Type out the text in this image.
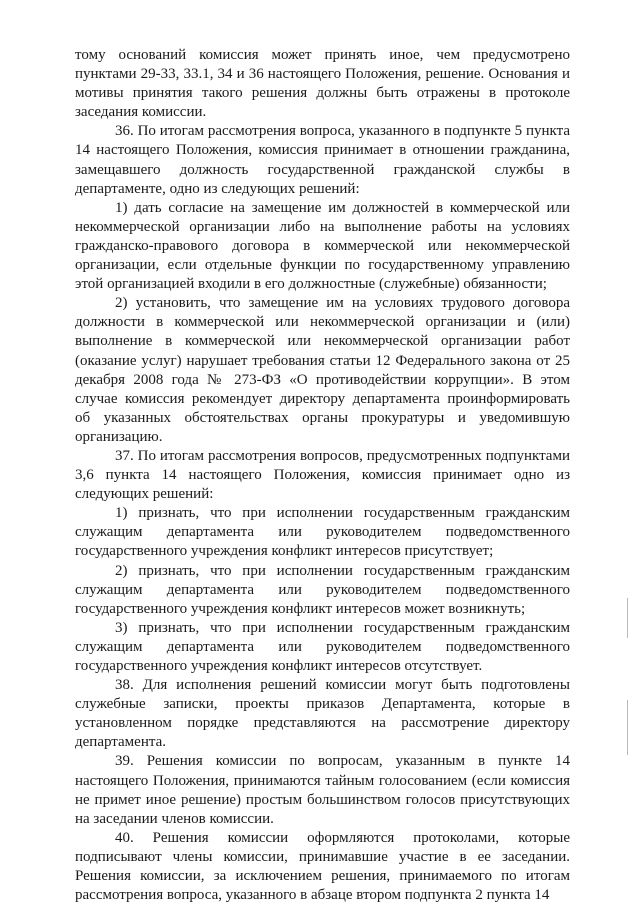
тому оснований комиссия может принять иное, чем предусмотрено пунктами 29-33, 33.1, 34 и 36 настоящего Положения, решение. Основания и мотивы принятия такого решения должны быть отражены в протоколе заседания комиссии.

36. По итогам рассмотрения вопроса, указанного в подпункте 5 пункта 14 настоящего Положения, комиссия принимает в отношении гражданина, замещавшего должность государственной гражданской службы в департаменте, одно из следующих решений:

1) дать согласие на замещение им должностей в коммерческой или некоммерческой организации либо на выполнение работы на условиях гражданско-правового договора в коммерческой или некоммерческой организации, если отдельные функции по государственному управлению этой организацией входили в его должностные (служебные) обязанности;

2) установить, что замещение им на условиях трудового договора должности в коммерческой или некоммерческой организации и (или) выполнение в коммерческой или некоммерческой организации работ (оказание услуг) нарушает требования статьи 12 Федерального закона от 25 декабря 2008 года № 273-ФЗ «О противодействии коррупции». В этом случае комиссия рекомендует директору департамента проинформировать об указанных обстоятельствах органы прокуратуры и уведомившую организацию.

37. По итогам рассмотрения вопросов, предусмотренных подпунктами 3,6 пункта 14 настоящего Положения, комиссия принимает одно из следующих решений:

1) признать, что при исполнении государственным гражданским служащим департамента или руководителем подведомственного государственного учреждения конфликт интересов присутствует;

2) признать, что при исполнении государственным гражданским служащим департамента или руководителем подведомственного государственного учреждения конфликт интересов может возникнуть;

3) признать, что при исполнении государственным гражданским служащим департамента или руководителем подведомственного государственного учреждения конфликт интересов отсутствует.

38. Для исполнения решений комиссии могут быть подготовлены служебные записки, проекты приказов Департамента, которые в установленном порядке представляются на рассмотрение директору департамента.

39. Решения комиссии по вопросам, указанным в пункте 14 настоящего Положения, принимаются тайным голосованием (если комиссия не примет иное решение) простым большинством голосов присутствующих на заседании членов комиссии.

40. Решения комиссии оформляются протоколами, которые подписывают члены комиссии, принимавшие участие в ее заседании. Решения комиссии, за исключением решения, принимаемого по итогам рассмотрения вопроса, указанного в абзаце втором подпункта 2 пункта 14
